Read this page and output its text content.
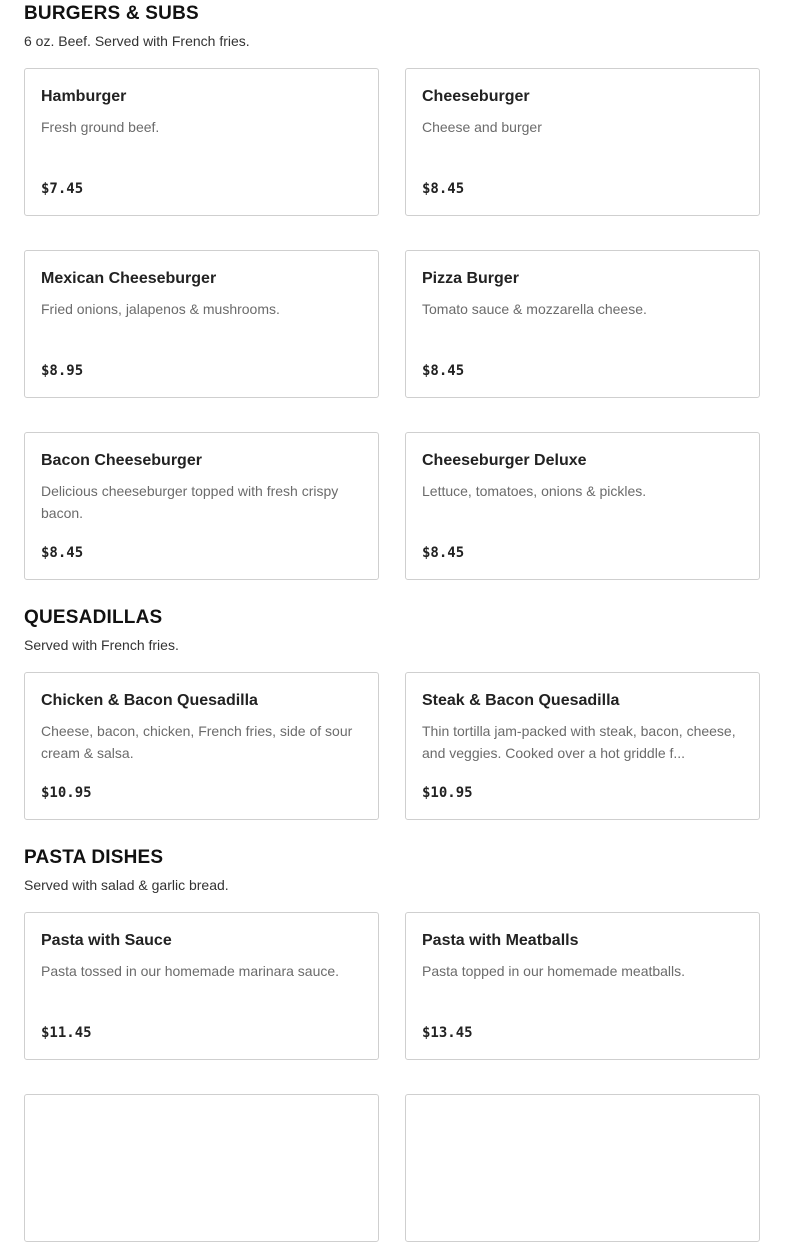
BURGERS & SUBS

6 oz. Beef. Served with French fries.

Hamburger
Fresh ground beef.
$7.45
Cheeseburger
Cheese and burger
$8.45
Mexican Cheeseburger
Fried onions, jalapenos & mushrooms.
$8.95
Pizza Burger
Tomato sauce & mozzarella cheese.
$8.45
Bacon Cheeseburger
Delicious cheeseburger topped with fresh crispy bacon.
$8.45
Cheeseburger Deluxe
Lettuce, tomatoes, onions & pickles.
$8.45
QUESADILLAS

Served with French fries.

Chicken & Bacon Quesadilla
Cheese, bacon, chicken, French fries, side of sour cream & salsa.
$10.95
Steak & Bacon Quesadilla
Thin tortilla jam-packed with steak, bacon, cheese, and veggies. Cooked over a hot griddle f...
$10.95
PASTA DISHES

Served with salad & garlic bread.

Pasta with Sauce
Pasta tossed in our homemade marinara sauce.
$11.45
Pasta with Meatballs
Pasta topped in our homemade meatballs.
$13.45
